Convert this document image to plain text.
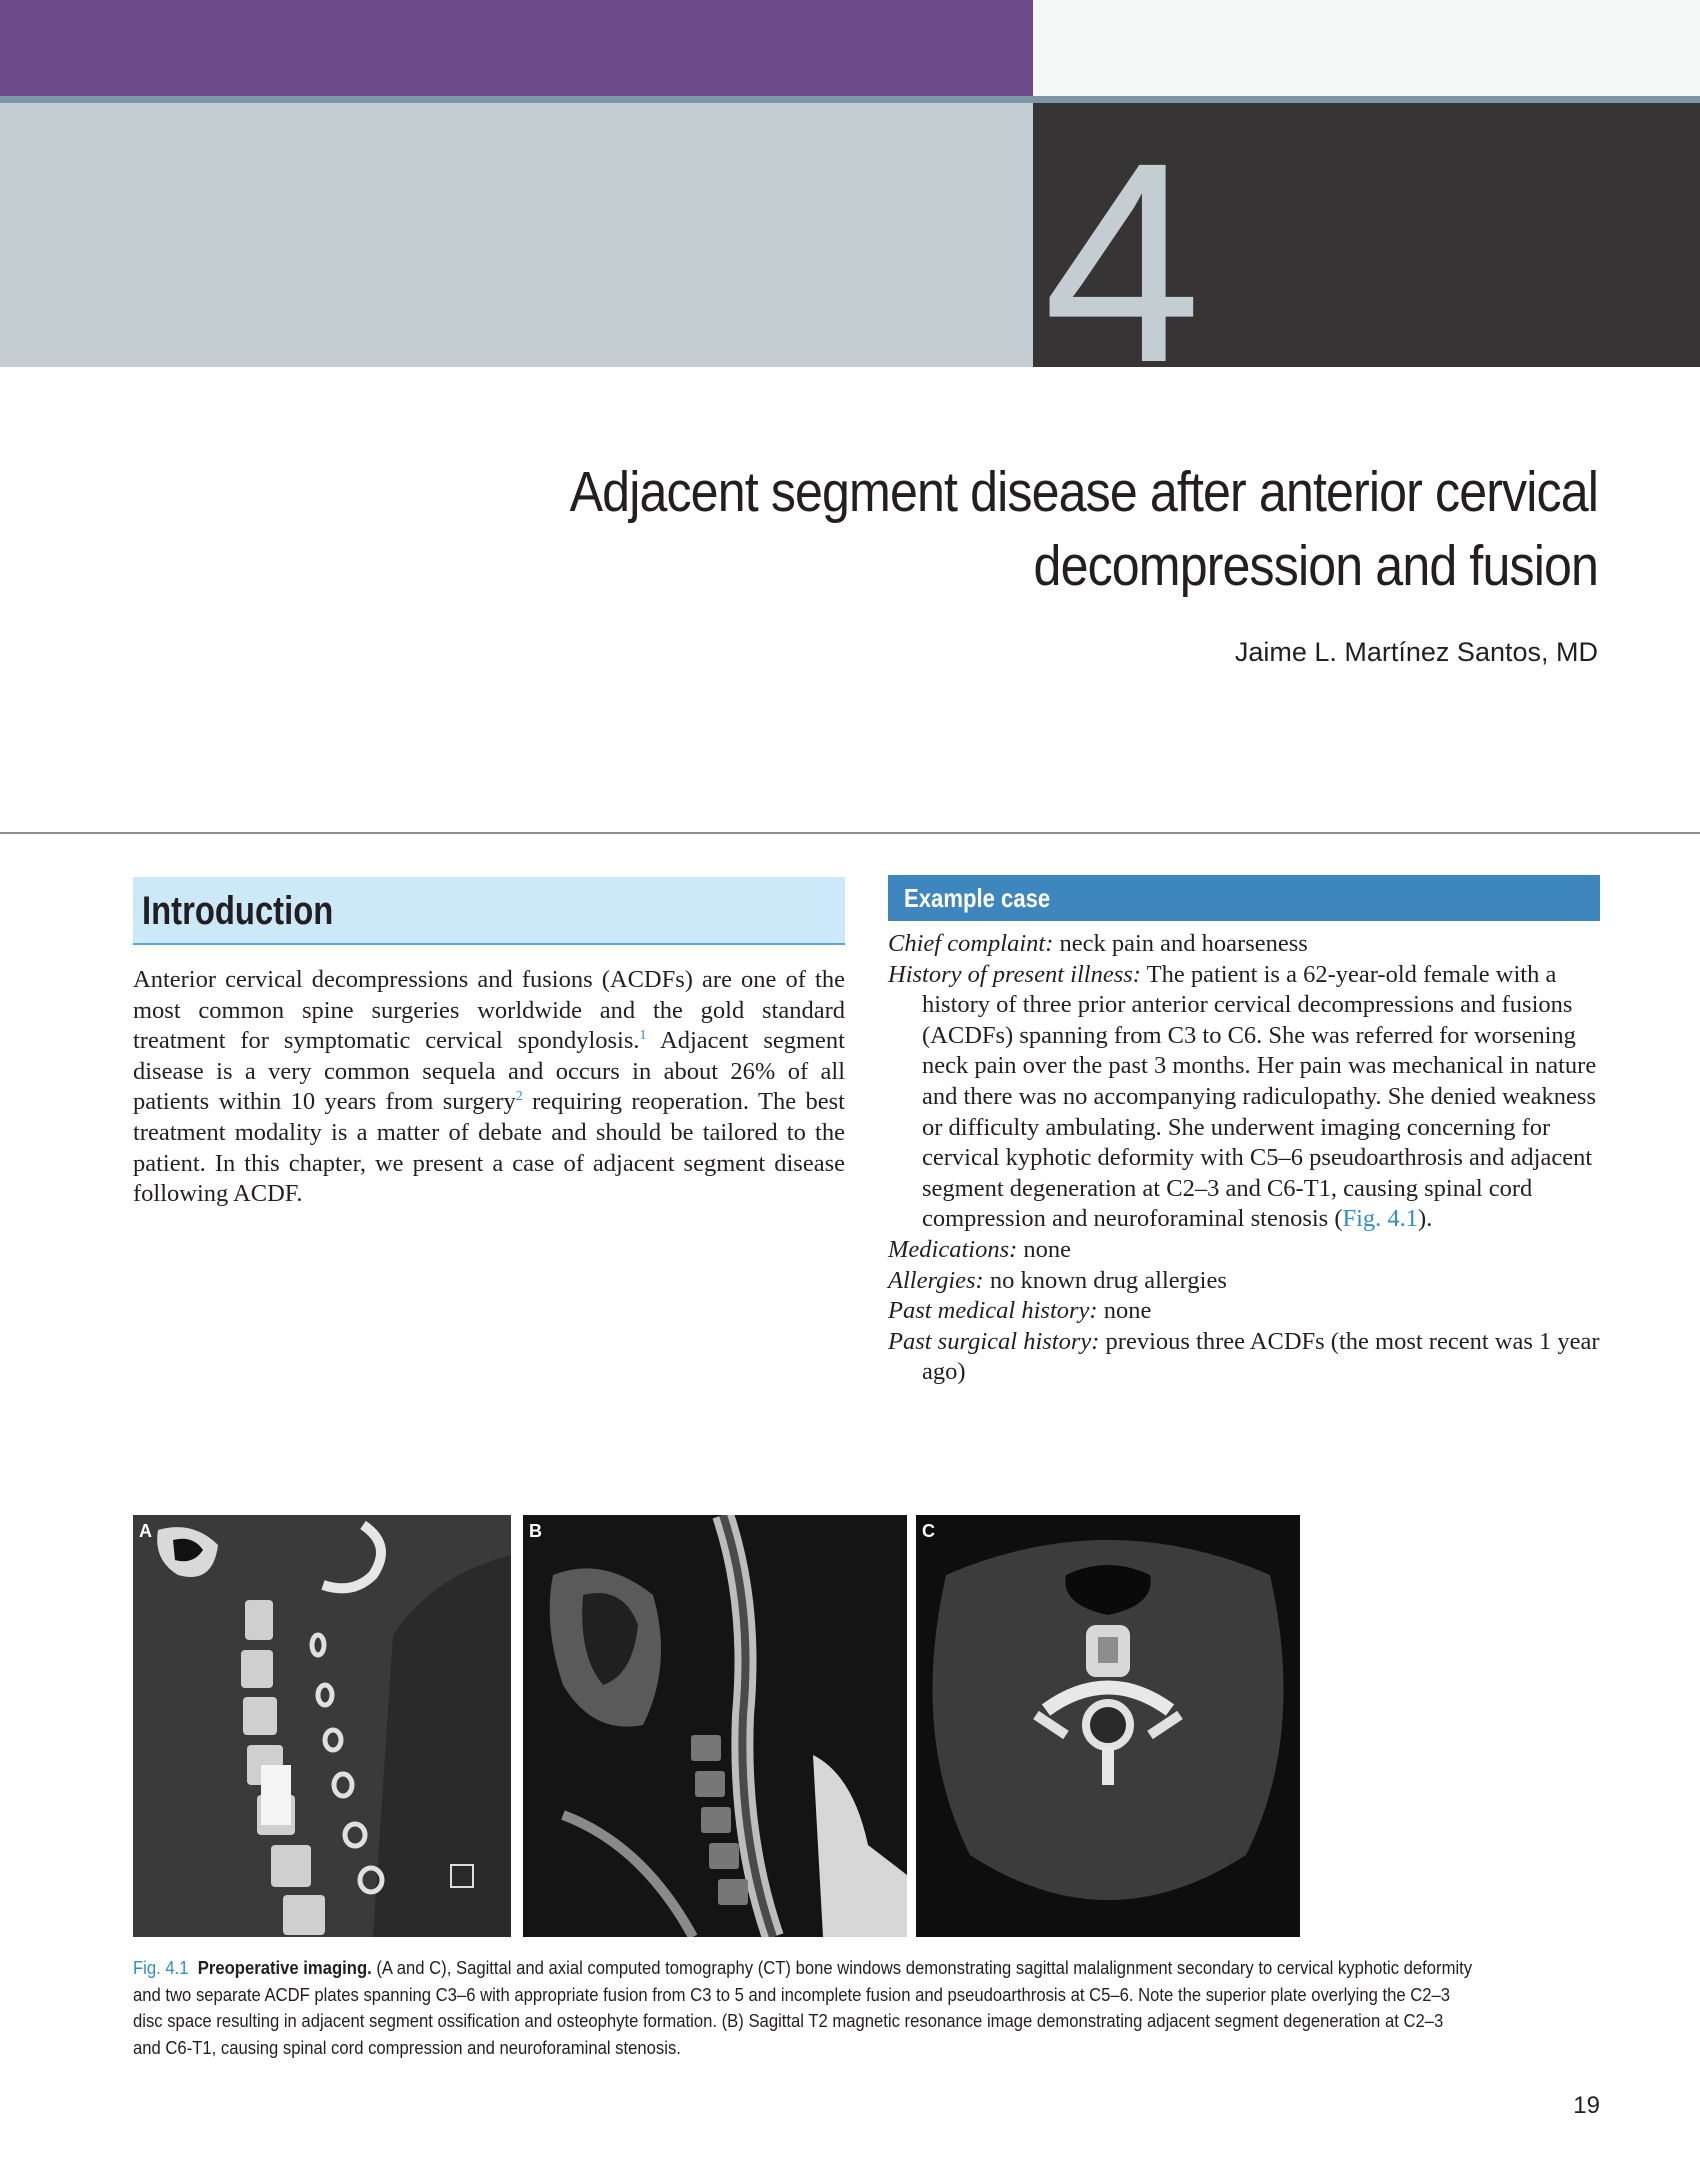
4
Adjacent segment disease after anterior cervical
decompression and fusion
Jaime L. Martínez Santos, MD
Introduction
Anterior cervical decompressions and fusions (ACDFs) are one of the most common spine surgeries worldwide and the gold standard treatment for symptomatic cervical spondylosis.$^1$ Adjacent segment disease is a very common sequela and occurs in about 26% of all patients within 10 years from surgery$^2$ requiring reoperation. The best treatment modality is a matter of debate and should be tailored to the patient. In this chapter, we present a case of adjacent segment disease following ACDF.
Example case

Chief complaint: neck pain and hoarseness

History of present illness: The patient is a 62-year-old female with a history of three prior anterior cervical decompressions and fusions (ACDFs) spanning from C3 to C6. She was referred for worsening neck pain over the past 3 months. Her pain was mechanical in nature and there was no accompanying radiculopathy. She denied weakness or difficulty ambulating. She underwent imaging concerning for cervical kyphotic deformity with C5–6 pseudoarthrosis and adjacent segment degeneration at C2–3 and C6-T1, causing spinal cord compression and neuroforaminal stenosis (Fig. 4.1).

Medications: none

Allergies: no known drug allergies

Past medical history: none

Past surgical history: previous three ACDFs (the most recent was 1 year ago)

A	B	C
Fig. 4.1 Preoperative imaging. (A and C), Sagittal and axial computed tomography (CT) bone windows demonstrating sagittal malalignment secondary to cervical kyphotic deformity and two separate ACDF plates spanning C3–6 with appropriate fusion from C3 to 5 and incomplete fusion and pseudoarthrosis at C5–6. Note the superior plate overlying the C2–3 disc space resulting in adjacent segment ossification and osteophyte formation. (B) Sagittal T2 magnetic resonance image demonstrating adjacent segment degeneration at C2–3 and C6-T1, causing spinal cord compression and neuroforaminal stenosis.
19
